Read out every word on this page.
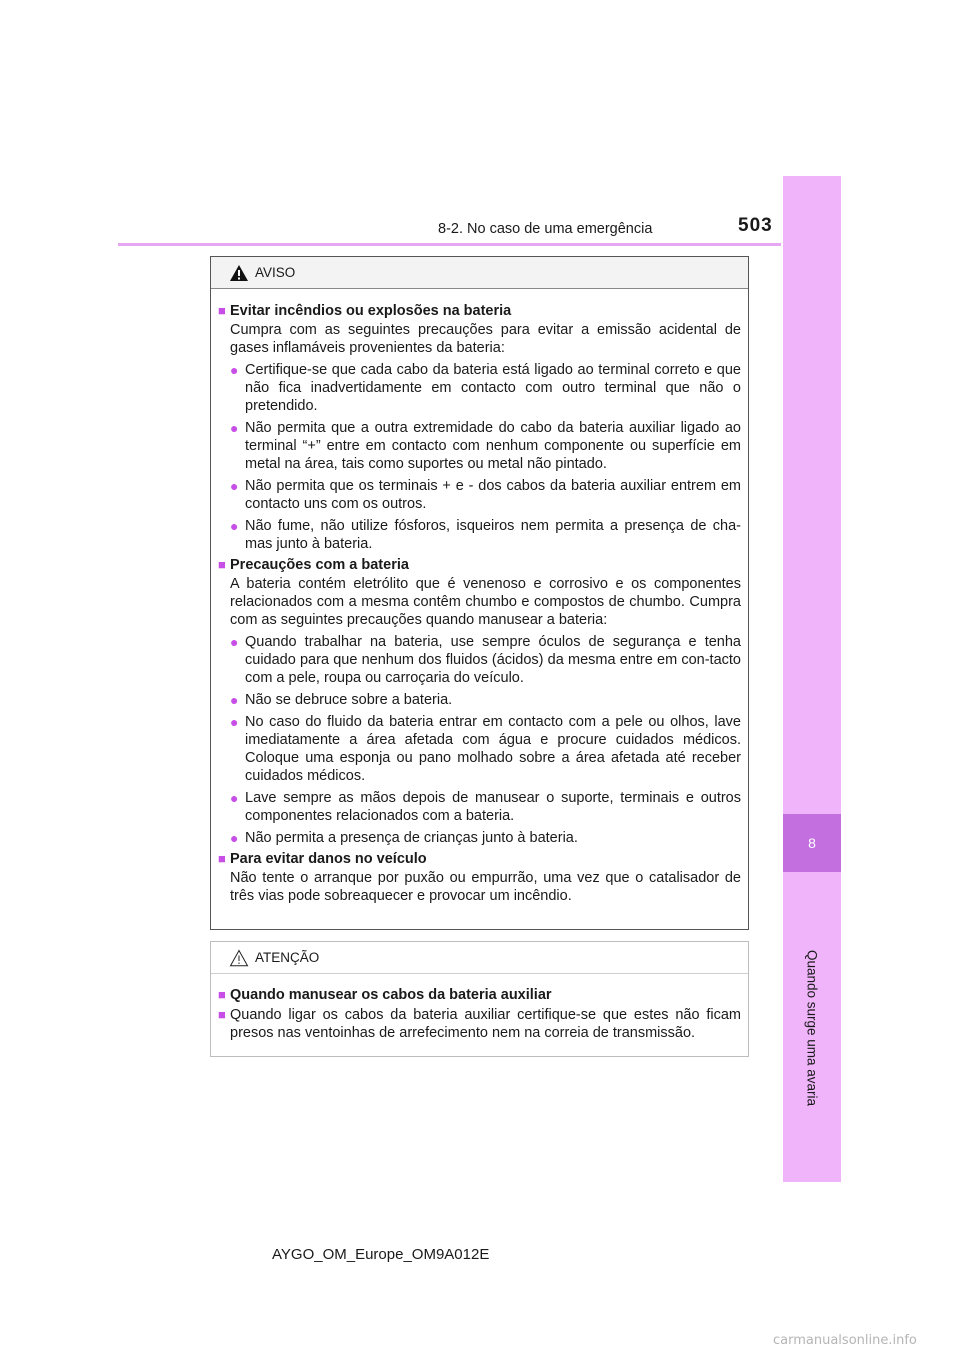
8-2. No caso de uma emergência	503
8
Quando surge uma avaria
AVISO
■ Evitar incêndios ou explosões na bateria
Cumpra com as seguintes precauções para evitar a emissão acidental de gases inflamáveis provenientes da bateria:
● Certifique-se que cada cabo da bateria está ligado ao terminal correto e que não fica inadvertidamente em contacto com outro terminal que não o pretendido.
● Não permita que a outra extremidade do cabo da bateria auxiliar ligado ao terminal “+” entre em contacto com nenhum componente ou superfície em metal na área, tais como suportes ou metal não pintado.
● Não permita que os terminais + e - dos cabos da bateria auxiliar entrem em contacto uns com os outros.
● Não fume, não utilize fósforos, isqueiros nem permita a presença de cha-mas junto à bateria.
■ Precauções com a bateria
A bateria contém eletrólito que é venenoso e corrosivo e os componentes relacionados com a mesma contêm chumbo e compostos de chumbo. Cumpra com as seguintes precauções quando manusear a bateria:
● Quando trabalhar na bateria, use sempre óculos de segurança e tenha cuidado para que nenhum dos fluidos (ácidos) da mesma entre em con-tacto com a pele, roupa ou carroçaria do veículo.
● Não se debruce sobre a bateria.
● No caso do fluido da bateria entrar em contacto com a pele ou olhos, lave imediatamente a área afetada com água e procure cuidados médicos. Coloque uma esponja ou pano molhado sobre a área afetada até receber cuidados médicos.
● Lave sempre as mãos depois de manusear o suporte, terminais e outros componentes relacionados com a bateria.
● Não permita a presença de crianças junto à bateria.
■ Para evitar danos no veículo
Não tente o arranque por puxão ou empurrão, uma vez que o catalisador de três vias pode sobreaquecer e provocar um incêndio.
ATENÇÃO
■ Quando manusear os cabos da bateria auxiliar
■ Quando ligar os cabos da bateria auxiliar certifique-se que estes não ficam presos nas ventoinhas de arrefecimento nem na correia de transmissão.
AYGO_OM_Europe_OM9A012E
carmanualsonline.info
